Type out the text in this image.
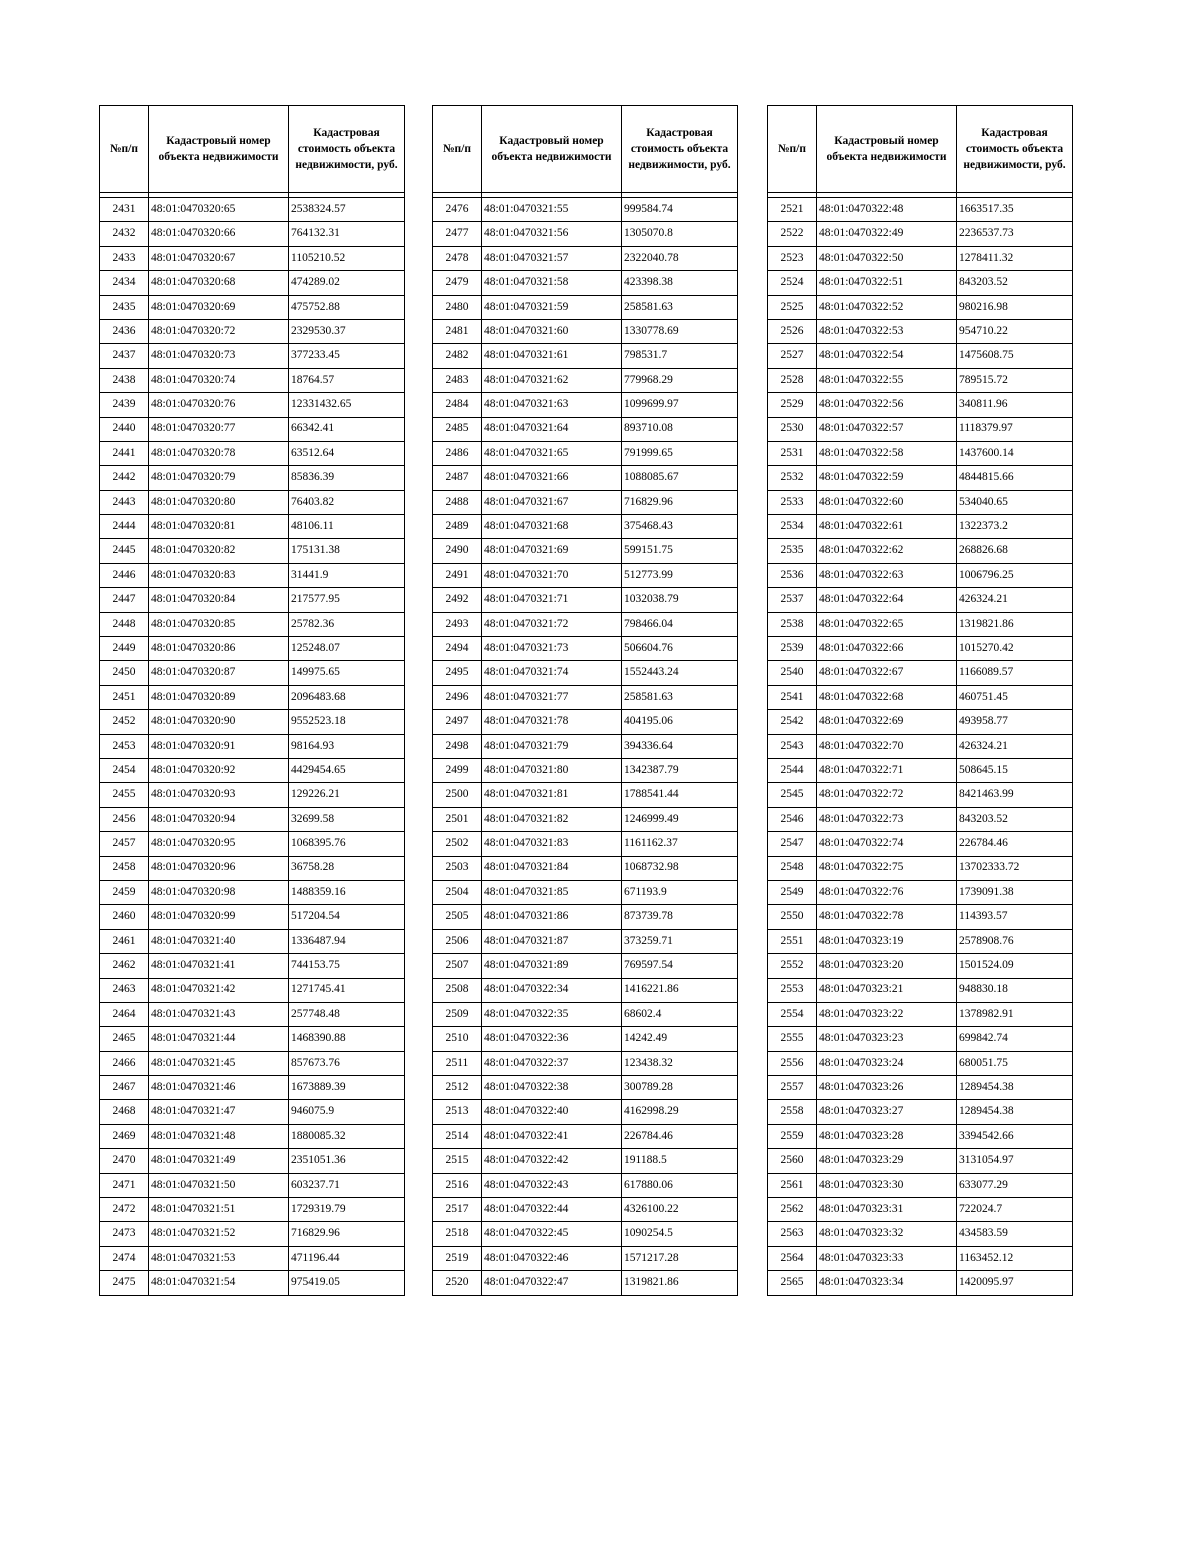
№п/п	Кадастровый номер объекта недвижимости	Кадастровая стоимость объекта недвижимости, руб.

2431	48:01:0470320:65	2538324.57
2432	48:01:0470320:66	764132.31
2433	48:01:0470320:67	1105210.52
2434	48:01:0470320:68	474289.02
2435	48:01:0470320:69	475752.88
2436	48:01:0470320:72	2329530.37
2437	48:01:0470320:73	377233.45
2438	48:01:0470320:74	18764.57
2439	48:01:0470320:76	12331432.65
2440	48:01:0470320:77	66342.41
2441	48:01:0470320:78	63512.64
2442	48:01:0470320:79	85836.39
2443	48:01:0470320:80	76403.82
2444	48:01:0470320:81	48106.11
2445	48:01:0470320:82	175131.38
2446	48:01:0470320:83	31441.9
2447	48:01:0470320:84	217577.95
2448	48:01:0470320:85	25782.36
2449	48:01:0470320:86	125248.07
2450	48:01:0470320:87	149975.65
2451	48:01:0470320:89	2096483.68
2452	48:01:0470320:90	9552523.18
2453	48:01:0470320:91	98164.93
2454	48:01:0470320:92	4429454.65
2455	48:01:0470320:93	129226.21
2456	48:01:0470320:94	32699.58
2457	48:01:0470320:95	1068395.76
2458	48:01:0470320:96	36758.28
2459	48:01:0470320:98	1488359.16
2460	48:01:0470320:99	517204.54
2461	48:01:0470321:40	1336487.94
2462	48:01:0470321:41	744153.75
2463	48:01:0470321:42	1271745.41
2464	48:01:0470321:43	257748.48
2465	48:01:0470321:44	1468390.88
2466	48:01:0470321:45	857673.76
2467	48:01:0470321:46	1673889.39
2468	48:01:0470321:47	946075.9
2469	48:01:0470321:48	1880085.32
2470	48:01:0470321:49	2351051.36
2471	48:01:0470321:50	603237.71
2472	48:01:0470321:51	1729319.79
2473	48:01:0470321:52	716829.96
2474	48:01:0470321:53	471196.44
2475	48:01:0470321:54	975419.05
№п/п	Кадастровый номер объекта недвижимости	Кадастровая стоимость объекта недвижимости, руб.

2476	48:01:0470321:55	999584.74
2477	48:01:0470321:56	1305070.8
2478	48:01:0470321:57	2322040.78
2479	48:01:0470321:58	423398.38
2480	48:01:0470321:59	258581.63
2481	48:01:0470321:60	1330778.69
2482	48:01:0470321:61	798531.7
2483	48:01:0470321:62	779968.29
2484	48:01:0470321:63	1099699.97
2485	48:01:0470321:64	893710.08
2486	48:01:0470321:65	791999.65
2487	48:01:0470321:66	1088085.67
2488	48:01:0470321:67	716829.96
2489	48:01:0470321:68	375468.43
2490	48:01:0470321:69	599151.75
2491	48:01:0470321:70	512773.99
2492	48:01:0470321:71	1032038.79
2493	48:01:0470321:72	798466.04
2494	48:01:0470321:73	506604.76
2495	48:01:0470321:74	1552443.24
2496	48:01:0470321:77	258581.63
2497	48:01:0470321:78	404195.06
2498	48:01:0470321:79	394336.64
2499	48:01:0470321:80	1342387.79
2500	48:01:0470321:81	1788541.44
2501	48:01:0470321:82	1246999.49
2502	48:01:0470321:83	1161162.37
2503	48:01:0470321:84	1068732.98
2504	48:01:0470321:85	671193.9
2505	48:01:0470321:86	873739.78
2506	48:01:0470321:87	373259.71
2507	48:01:0470321:89	769597.54
2508	48:01:0470322:34	1416221.86
2509	48:01:0470322:35	68602.4
2510	48:01:0470322:36	14242.49
2511	48:01:0470322:37	123438.32
2512	48:01:0470322:38	300789.28
2513	48:01:0470322:40	4162998.29
2514	48:01:0470322:41	226784.46
2515	48:01:0470322:42	191188.5
2516	48:01:0470322:43	617880.06
2517	48:01:0470322:44	4326100.22
2518	48:01:0470322:45	1090254.5
2519	48:01:0470322:46	1571217.28
2520	48:01:0470322:47	1319821.86
№п/п	Кадастровый номер объекта недвижимости	Кадастровая стоимость объекта недвижимости, руб.

2521	48:01:0470322:48	1663517.35
2522	48:01:0470322:49	2236537.73
2523	48:01:0470322:50	1278411.32
2524	48:01:0470322:51	843203.52
2525	48:01:0470322:52	980216.98
2526	48:01:0470322:53	954710.22
2527	48:01:0470322:54	1475608.75
2528	48:01:0470322:55	789515.72
2529	48:01:0470322:56	340811.96
2530	48:01:0470322:57	1118379.97
2531	48:01:0470322:58	1437600.14
2532	48:01:0470322:59	4844815.66
2533	48:01:0470322:60	534040.65
2534	48:01:0470322:61	1322373.2
2535	48:01:0470322:62	268826.68
2536	48:01:0470322:63	1006796.25
2537	48:01:0470322:64	426324.21
2538	48:01:0470322:65	1319821.86
2539	48:01:0470322:66	1015270.42
2540	48:01:0470322:67	1166089.57
2541	48:01:0470322:68	460751.45
2542	48:01:0470322:69	493958.77
2543	48:01:0470322:70	426324.21
2544	48:01:0470322:71	508645.15
2545	48:01:0470322:72	8421463.99
2546	48:01:0470322:73	843203.52
2547	48:01:0470322:74	226784.46
2548	48:01:0470322:75	13702333.72
2549	48:01:0470322:76	1739091.38
2550	48:01:0470322:78	114393.57
2551	48:01:0470323:19	2578908.76
2552	48:01:0470323:20	1501524.09
2553	48:01:0470323:21	948830.18
2554	48:01:0470323:22	1378982.91
2555	48:01:0470323:23	699842.74
2556	48:01:0470323:24	680051.75
2557	48:01:0470323:26	1289454.38
2558	48:01:0470323:27	1289454.38
2559	48:01:0470323:28	3394542.66
2560	48:01:0470323:29	3131054.97
2561	48:01:0470323:30	633077.29
2562	48:01:0470323:31	722024.7
2563	48:01:0470323:32	434583.59
2564	48:01:0470323:33	1163452.12
2565	48:01:0470323:34	1420095.97
